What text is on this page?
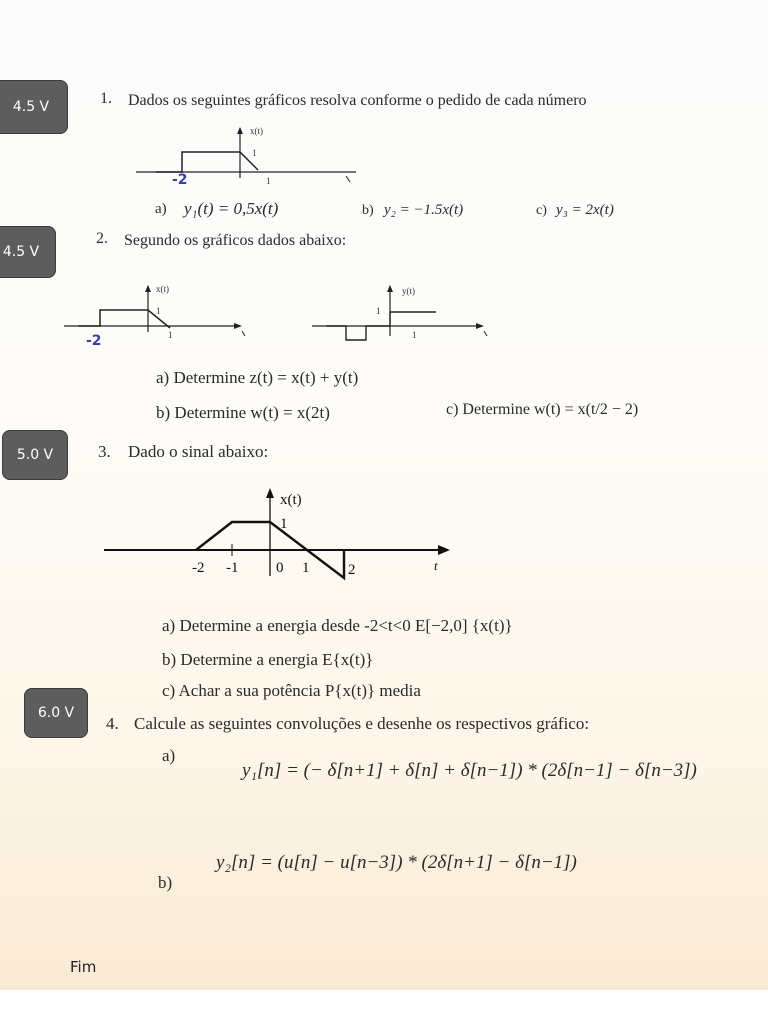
4.5 V
4.5 V
5.0 V
6.0 V
1. Dados os seguintes gráficos resolva conforme o pedido de cada número
x(t)
1
1
-2
a) y₁(t) = 0,5x(t)	b) y₂ = −1.5x(t)	c) y₃ = 2x(t)
2. Segundo os gráficos dados abaixo:
x(t)
1
1
-2
y(t)
1
1
a) Determine z(t) = x(t) + y(t)
b) Determine w(t) = x(2t)	c) Determine w(t) = x(t/2 − 2)
3. Dado o sinal abaixo:
x(t)
1
-2 -1	0 1	2	t
a) Determine a energia desde -2<t<0 E[−2,0] {x(t)}
b) Determine a energia E{x(t)}
c) Achar a sua potência P{x(t)} media
4. Calcule as seguintes convoluções e desenhe os respectivos gráfico:
a)
y₁[n] = (− δ[n+1] + δ[n] + δ[n−1]) * (2δ[n−1] − δ[n−3])
y₂[n] = (u[n] − u[n−3]) * (2δ[n+1] − δ[n−1])
b)
Fim
